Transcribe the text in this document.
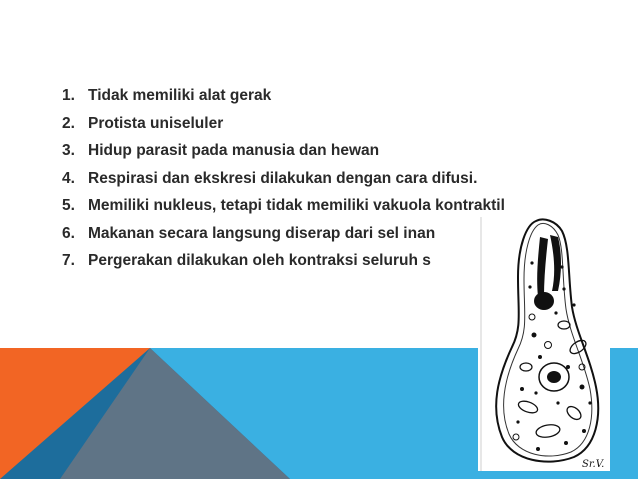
1. Tidak memiliki alat gerak
2. Protista uniseluler
3. Hidup parasit pada manusia dan hewan
4. Respirasi dan ekskresi dilakukan dengan cara difusi.
5. Memiliki nukleus, tetapi tidak memiliki vakuola kontraktil
6. Makanan secara langsung diserap dari sel inan
7. Pergerakan dilakukan oleh kontraksi seluruh s
Sr.V.
